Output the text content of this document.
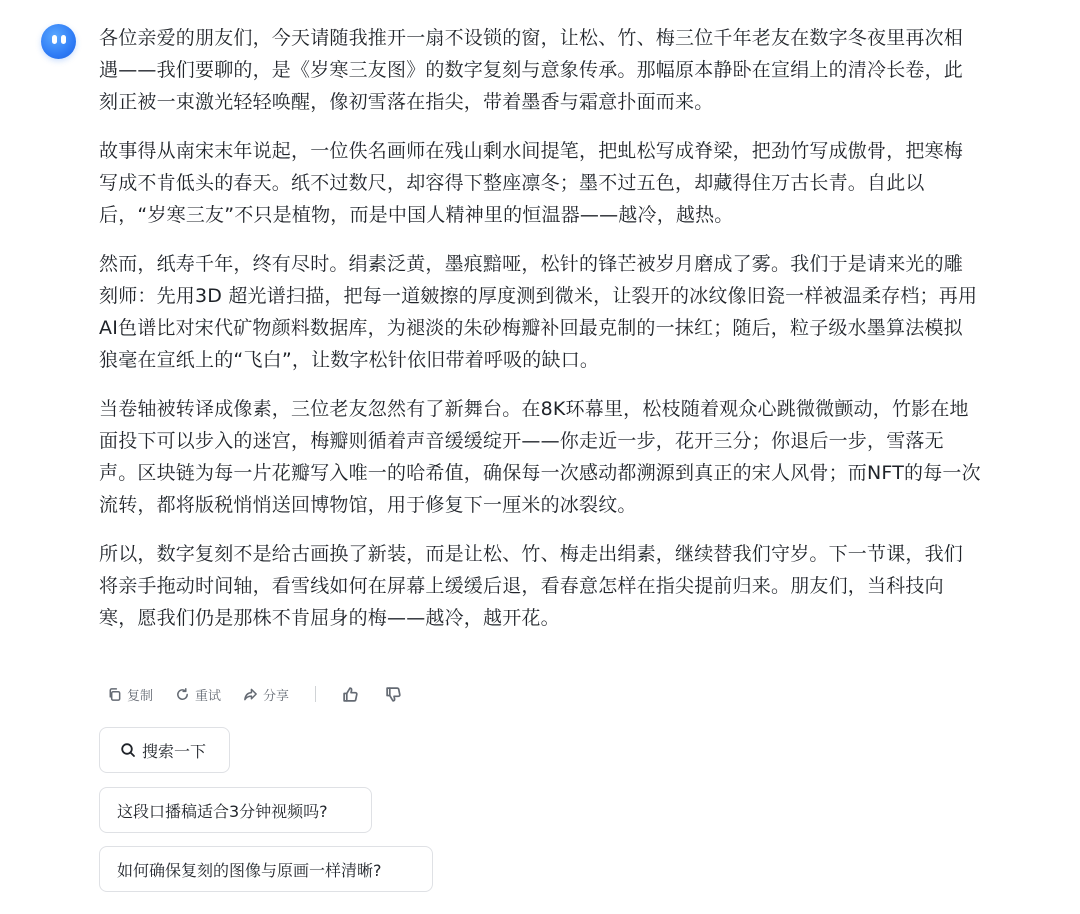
各位亲爱的朋友们，今天请随我推开一扇不设锁的窗，让松、竹、梅三位千年老友在数字冬夜里再次相遇——我们要聊的，是《岁寒三友图》的数字复刻与意象传承。那幅原本静卧在宣绢上的清冷长卷，此刻正被一束激光轻轻唤醒，像初雪落在指尖，带着墨香与霜意扑面而来。

故事得从南宋末年说起，一位佚名画师在残山剩水间提笔，把虬松写成脊梁，把劲竹写成傲骨，把寒梅写成不肯低头的春天。纸不过数尺，却容得下整座凛冬；墨不过五色，却藏得住万古长青。自此以后，“岁寒三友”不只是植物，而是中国人精神里的恒温器——越冷，越热。

然而，纸寿千年，终有尽时。绢素泛黄，墨痕黯哑，松针的锋芒被岁月磨成了雾。我们于是请来光的雕刻师：先用3D 超光谱扫描，把每一道皴擦的厚度测到微米，让裂开的冰纹像旧瓷一样被温柔存档；再用AI色谱比对宋代矿物颜料数据库，为褪淡的朱砂梅瓣补回最克制的一抹红；随后，粒子级水墨算法模拟狼毫在宣纸上的“飞白”，让数字松针依旧带着呼吸的缺口。

当卷轴被转译成像素，三位老友忽然有了新舞台。在8K环幕里，松枝随着观众心跳微微颤动，竹影在地面投下可以步入的迷宫，梅瓣则循着声音缓缓绽开——你走近一步，花开三分；你退后一步，雪落无声。区块链为每一片花瓣写入唯一的哈希值，确保每一次感动都溯源到真正的宋人风骨；而NFT的每一次流转，都将版税悄悄送回博物馆，用于修复下一厘米的冰裂纹。

所以，数字复刻不是给古画换了新装，而是让松、竹、梅走出绢素，继续替我们守岁。下一节课，我们将亲手拖动时间轴，看雪线如何在屏幕上缓缓后退，看春意怎样在指尖提前归来。朋友们，当科技向寒，愿我们仍是那株不肯屈身的梅——越冷，越开花。

复制	重试	分享
搜索一下
这段口播稿适合3分钟视频吗?
如何确保复刻的图像与原画一样清晰?
